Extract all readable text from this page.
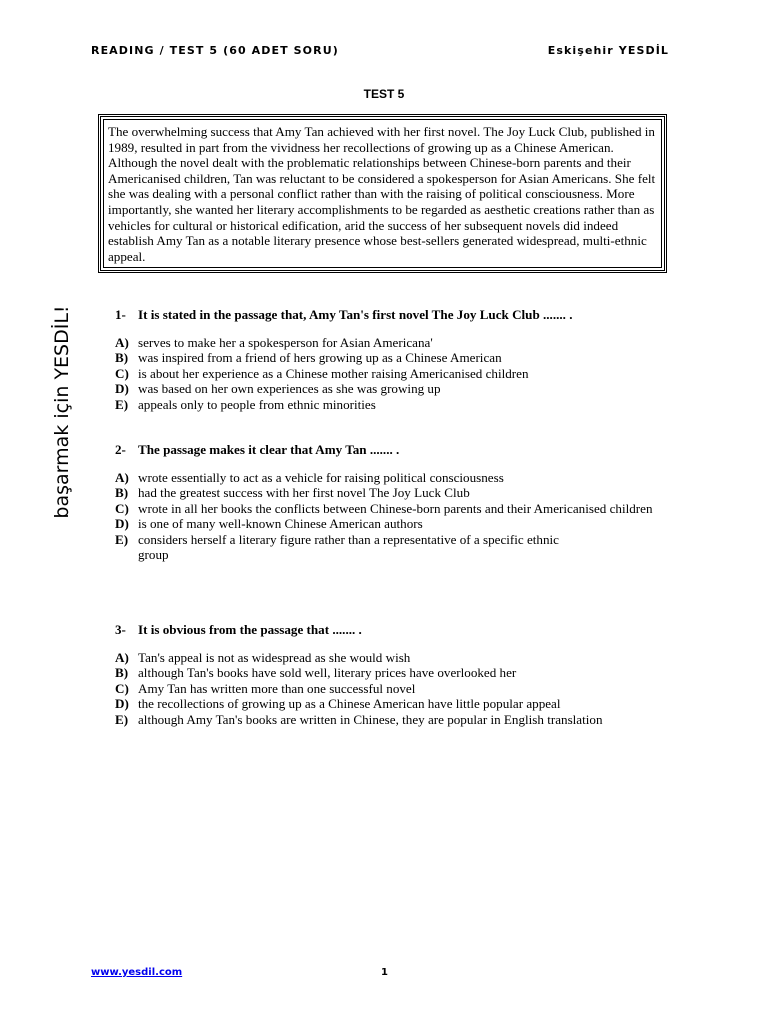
READING / TEST 5 (60 ADET SORU)	Eskişehir YESDİL
TEST 5
The overwhelming success that Amy Tan achieved with her first novel. The Joy Luck Club, published in 1989, resulted in part from the vividness her recollections of growing up as a Chinese American. Although the novel dealt with the problematic relationships between Chinese-born parents and their Americanised children, Tan was reluctant to be considered a spokesperson for Asian Americans. She felt she was dealing with a personal conflict rather than with the raising of political consciousness. More importantly, she wanted her literary accomplishments to be regarded as aesthetic creations rather than as vehicles for cultural or historical edification, arid the success of her subsequent novels did indeed establish Amy Tan as a notable literary presence whose best-sellers generated widespread, multi-ethnic appeal.
başarmak için YESDİL!	1- It is stated in the passage that, Amy Tan's first novel The Joy Luck Club ....... .
A) serves to make her a spokesperson for Asian Americana'
B) was inspired from a friend of hers growing up as a Chinese American
C) is about her experience as a Chinese mother raising Americanised children
D) was based on her own experiences as she was growing up
E) appeals only to people from ethnic minorities
2- The passage makes it clear that Amy Tan ....... .
A) wrote essentially to act as a vehicle for raising political consciousness
B) had the greatest success with her first novel The Joy Luck Club
C) wrote in all her books the conflicts between Chinese-born parents and their Americanised children
D) is one of many well-known Chinese American authors
E) considers herself a literary figure rather than a representative of a specific ethnic group
3- It is obvious from the passage that ....... .
A) Tan's appeal is not as widespread as she would wish
B) although Tan's books have sold well, literary prices have overlooked her
C) Amy Tan has written more than one successful novel
D) the recollections of growing up as a Chinese American have little popular appeal
E) although Amy Tan's books are written in Chinese, they are popular in English translation
www.yesdil.com	1
